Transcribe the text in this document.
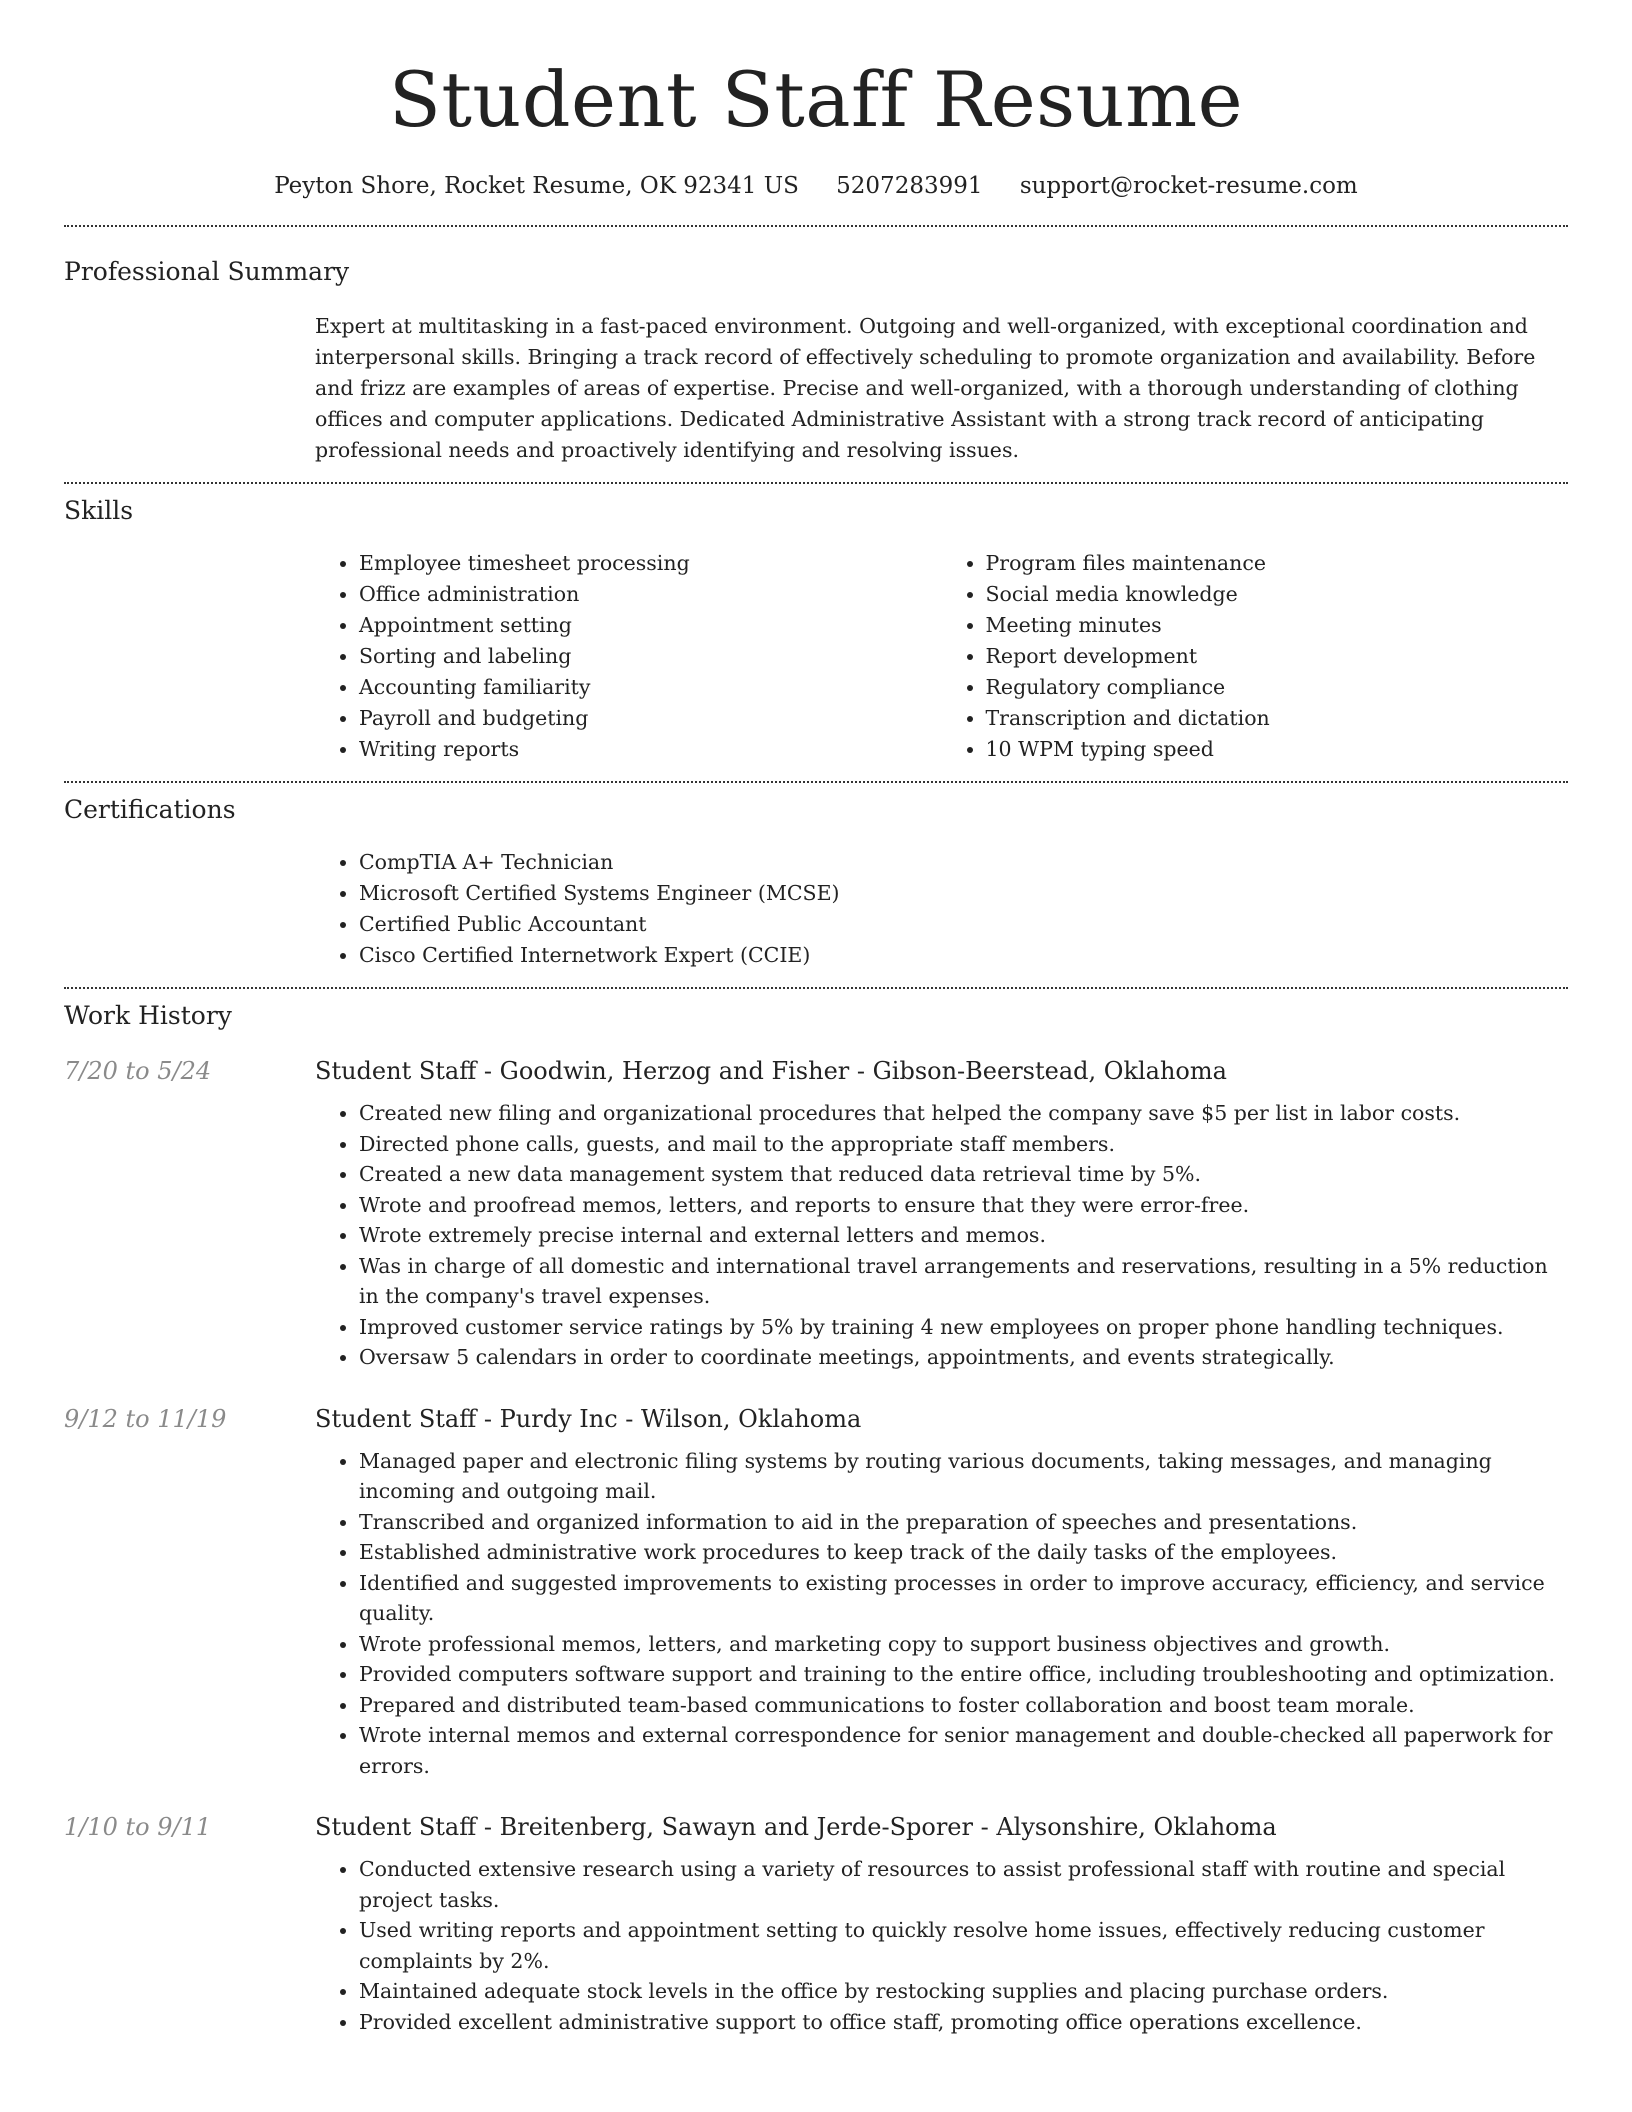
Student Staff Resume
Peyton Shore, Rocket Resume, OK 92341 US 5207283991 support@rocket-resume.com
Professional Summary

Expert at multitasking in a fast-paced environment. Outgoing and well-organized, with exceptional coordination and interpersonal skills. Bringing a track record of effectively scheduling to promote organization and availability. Before and frizz are examples of areas of expertise. Precise and well-organized, with a thorough understanding of clothing offices and computer applications. Dedicated Administrative Assistant with a strong track record of anticipating professional needs and proactively identifying and resolving issues.

Skills
• Employee timesheet processing
• Office administration
• Appointment setting
• Sorting and labeling
• Accounting familiarity
• Payroll and budgeting
• Writing reports
• Program files maintenance
• Social media knowledge
• Meeting minutes
• Report development
• Regulatory compliance
• Transcription and dictation
• 10 WPM typing speed
Certifications
• CompTIA A+ Technician
• Microsoft Certified Systems Engineer (MCSE)
• Certified Public Accountant
• Cisco Certified Internetwork Expert (CCIE)
Work History
7/20 to 5/24	Student Staff - Goodwin, Herzog and Fisher - Gibson-Beerstead, Oklahoma
• Created new filing and organizational procedures that helped the company save $5 per list in labor costs.
• Directed phone calls, guests, and mail to the appropriate staff members.
• Created a new data management system that reduced data retrieval time by 5%.
• Wrote and proofread memos, letters, and reports to ensure that they were error-free.
• Wrote extremely precise internal and external letters and memos.
• Was in charge of all domestic and international travel arrangements and reservations, resulting in a 5% reduction in the company's travel expenses.
• Improved customer service ratings by 5% by training 4 new employees on proper phone handling techniques.
• Oversaw 5 calendars in order to coordinate meetings, appointments, and events strategically.
9/12 to 11/19	Student Staff - Purdy Inc - Wilson, Oklahoma
• Managed paper and electronic filing systems by routing various documents, taking messages, and managing incoming and outgoing mail.
• Transcribed and organized information to aid in the preparation of speeches and presentations.
• Established administrative work procedures to keep track of the daily tasks of the employees.
• Identified and suggested improvements to existing processes in order to improve accuracy, efficiency, and service quality.
• Wrote professional memos, letters, and marketing copy to support business objectives and growth.
• Provided computers software support and training to the entire office, including troubleshooting and optimization.
• Prepared and distributed team-based communications to foster collaboration and boost team morale.
• Wrote internal memos and external correspondence for senior management and double-checked all paperwork for errors.
1/10 to 9/11	Student Staff - Breitenberg, Sawayn and Jerde-Sporer - Alysonshire, Oklahoma
• Conducted extensive research using a variety of resources to assist professional staff with routine and special project tasks.
• Used writing reports and appointment setting to quickly resolve home issues, effectively reducing customer complaints by 2%.
• Maintained adequate stock levels in the office by restocking supplies and placing purchase orders.
• Provided excellent administrative support to office staff, promoting office operations excellence.
